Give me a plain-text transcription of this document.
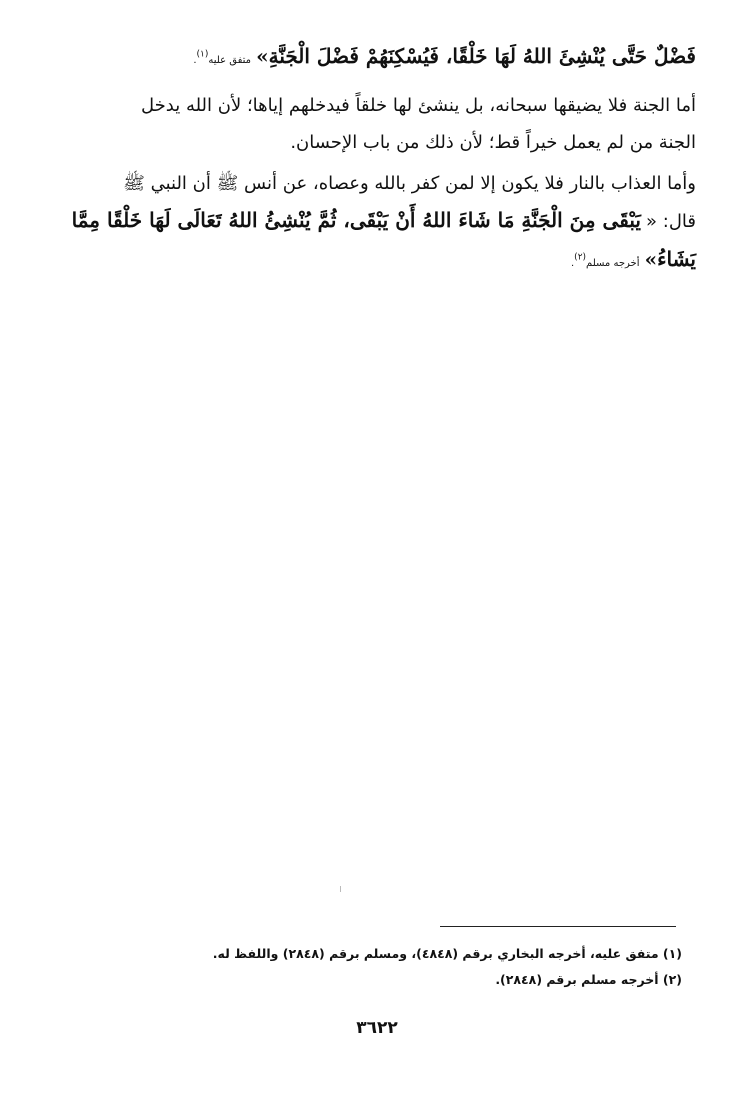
فَضْلٌ حَتَّى يُنْشِئَ اللهُ لَهَا خَلْقًا، فَيُسْكِنَهُمْ فَضْلَ الْجَنَّةِ» متفق عليه$^{(١)}$.
أما الجنة فلا يضيقها سبحانه، بل ينشئ لها خلقاً فيدخلهم إياها؛ لأن الله يدخل
الجنة من لم يعمل خيراً قط؛ لأن ذلك من باب الإحسان.
وأما العذاب بالنار فلا يكون إلا لمن كفر بالله وعصاه، عن أنس ﷺ أن النبي ﷺ
قال: « يَبْقَى مِنَ الْجَنَّةِ مَا شَاءَ اللهُ أَنْ يَبْقَى، ثُمَّ يُنْشِئُ اللهُ تَعَالَى لَهَا خَلْقًا مِمَّا
يَشَاءُ» أخرجه مسلم$^{(٢)}$.
(١) متفق عليه، أخرجه البخاري برقم (٤٨٤٨)، ومسلم برقم (٢٨٤٨) واللفظ له.
(٢) أخرجه مسلم برقم (٢٨٤٨).
٣٦٢٢
